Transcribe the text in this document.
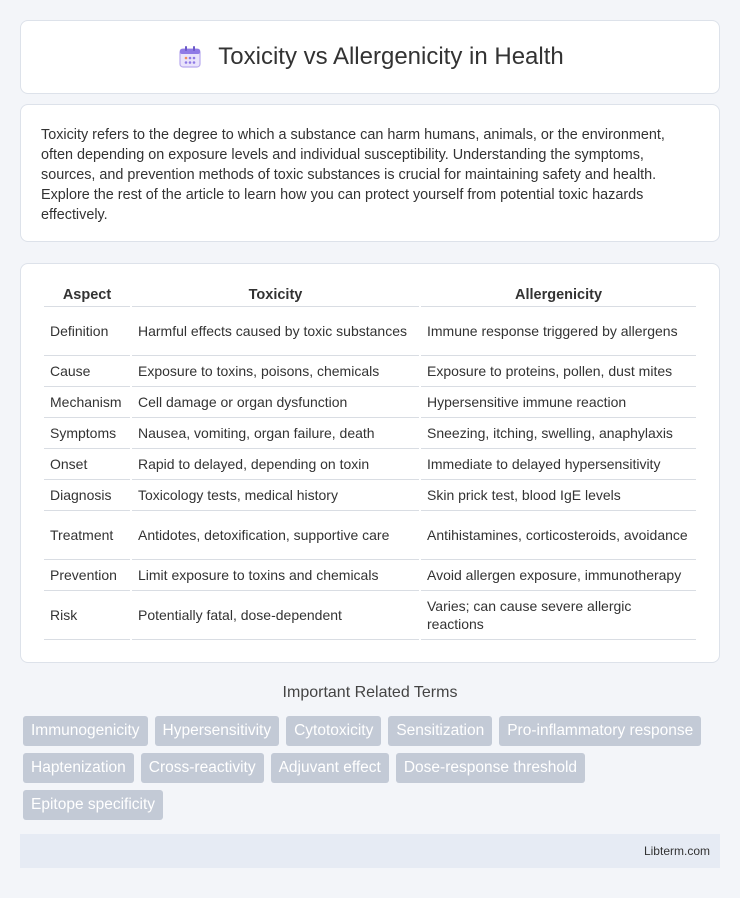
Toxicity vs Allergenicity in Health

Toxicity refers to the degree to which a substance can harm humans, animals, or the environment, often depending on exposure levels and individual susceptibility. Understanding the symptoms, sources, and prevention methods of toxic substances is crucial for maintaining safety and health. Explore the rest of the article to learn how you can protect yourself from potential toxic hazards effectively.

Aspect	Toxicity	Allergenicity
Definition	Harmful effects caused by toxic substances	Immune response triggered by allergens
Cause	Exposure to toxins, poisons, chemicals	Exposure to proteins, pollen, dust mites
Mechanism	Cell damage or organ dysfunction	Hypersensitive immune reaction
Symptoms	Nausea, vomiting, organ failure, death	Sneezing, itching, swelling, anaphylaxis
Onset	Rapid to delayed, depending on toxin	Immediate to delayed hypersensitivity
Diagnosis	Toxicology tests, medical history	Skin prick test, blood IgE levels
Treatment	Antidotes, detoxification, supportive care	Antihistamines, corticosteroids, avoidance
Prevention	Limit exposure to toxins and chemicals	Avoid allergen exposure, immunotherapy
Risk	Potentially fatal, dose-dependent	Varies; can cause severe allergic reactions
Important Related Terms
Immunogenicity	Hypersensitivity	Cytotoxicity	Sensitization	Pro-inflammatory response
Haptenization	Cross-reactivity	Adjuvant effect	Dose-response threshold
Epitope specificity
Libterm.com
